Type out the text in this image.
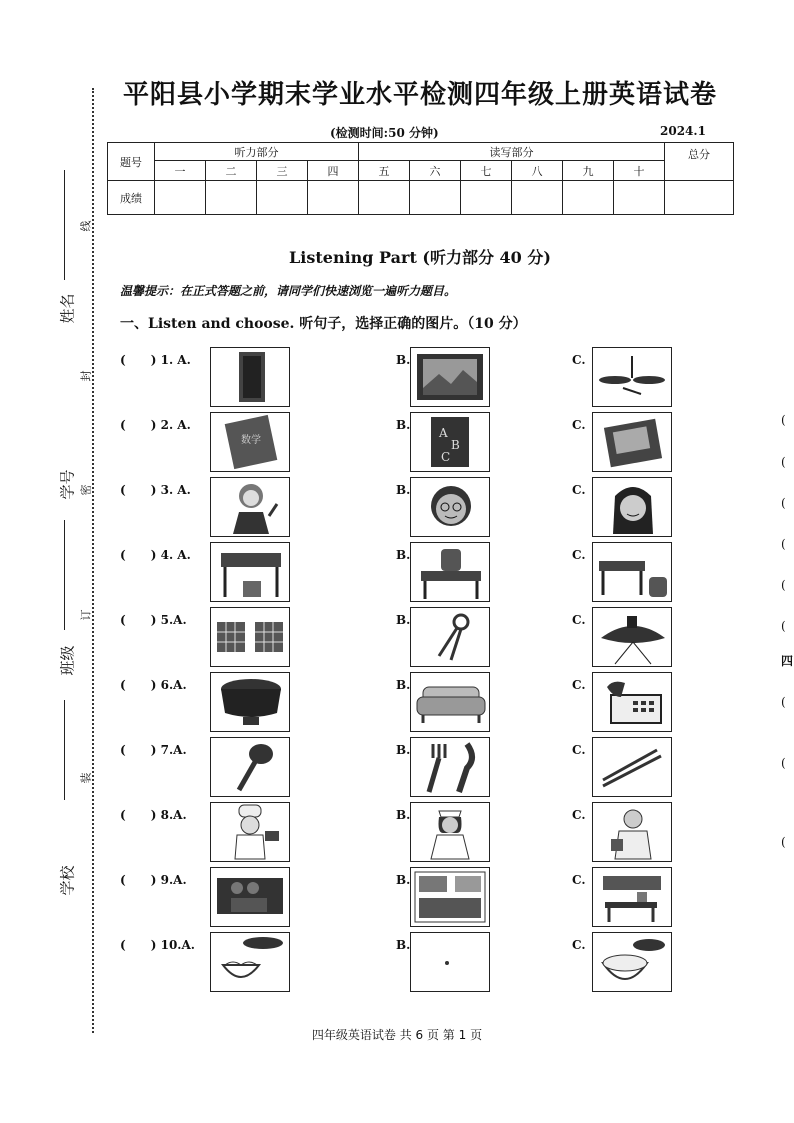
姓名
学号
班级
学校
线
封
密
订
装
平阳县小学期末学业水平检测四年级上册英语试卷
(检测时间:50 分钟)	2024.1
题号	听力部分				读写部分						总分
	一	二	三	四	五	六	七	八	九	十	
成绩											
Listening Part (听力部分 40 分)
温馨提示：在正式答题之前，请同学们快速浏览一遍听力题目。
一、Listen and choose. 听句子，选择正确的图片。（10 分）
(      ) 1. A.	B.	C.
(      ) 2. A.	B.	C.
数学
A
B
C
(      ) 3. A.	B.	C.
(      ) 4. A.	B.	C.
(      ) 5.A.	B.	C.
(      ) 6.A.	B.	C.
(      ) 7.A.	B.	C.
(      ) 8.A.	B.	C.
(      ) 9.A.	B.	C.
(      ) 10.A.	B.	C.
(
(
(
(
(
(
四
(
(
(
四年级英语试卷 共 6 页 第 1 页
